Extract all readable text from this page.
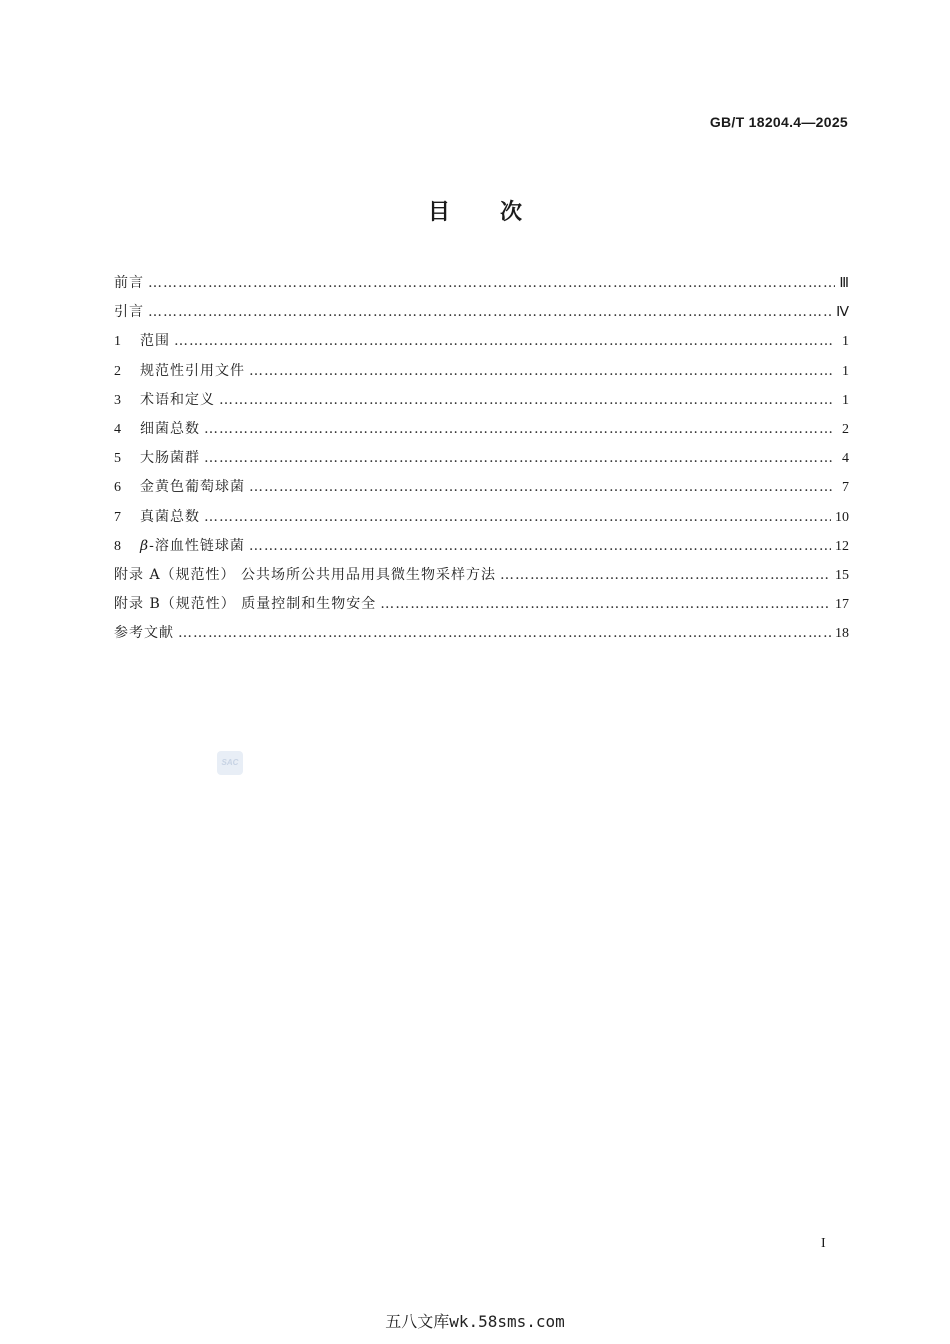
GB/T 18204.4—2025
目次
前言 ………………………………………………………………………………………………………………………………………………………………………………	Ⅲ
引言 ………………………………………………………………………………………………………………………………………………………………………………	Ⅳ
1	范围 ………………………………………………………………………………………………………………………………………………………………………………	1
2	规范性引用文件 ………………………………………………………………………………………………………………………………………………………………………………	1
3	术语和定义 ………………………………………………………………………………………………………………………………………………………………………………	1
4	细菌总数 ………………………………………………………………………………………………………………………………………………………………………………	2
5	大肠菌群 ………………………………………………………………………………………………………………………………………………………………………………	4
6	金黄色葡萄球菌 ………………………………………………………………………………………………………………………………………………………………………………	7
7	真菌总数 ………………………………………………………………………………………………………………………………………………………………………………	10
8	β-溶血性链球菌 ………………………………………………………………………………………………………………………………………………………………………………	12
附录 A（规范性） 公共场所公共用品用具微生物采样方法 ………………………………………………………………………………………………………………………………………………………………………………	15
附录 B（规范性） 质量控制和生物安全 ………………………………………………………………………………………………………………………………………………………………………………	17
参考文献 ………………………………………………………………………………………………………………………………………………………………………………	18
SAC
I
五八文库wk.58sms.com
